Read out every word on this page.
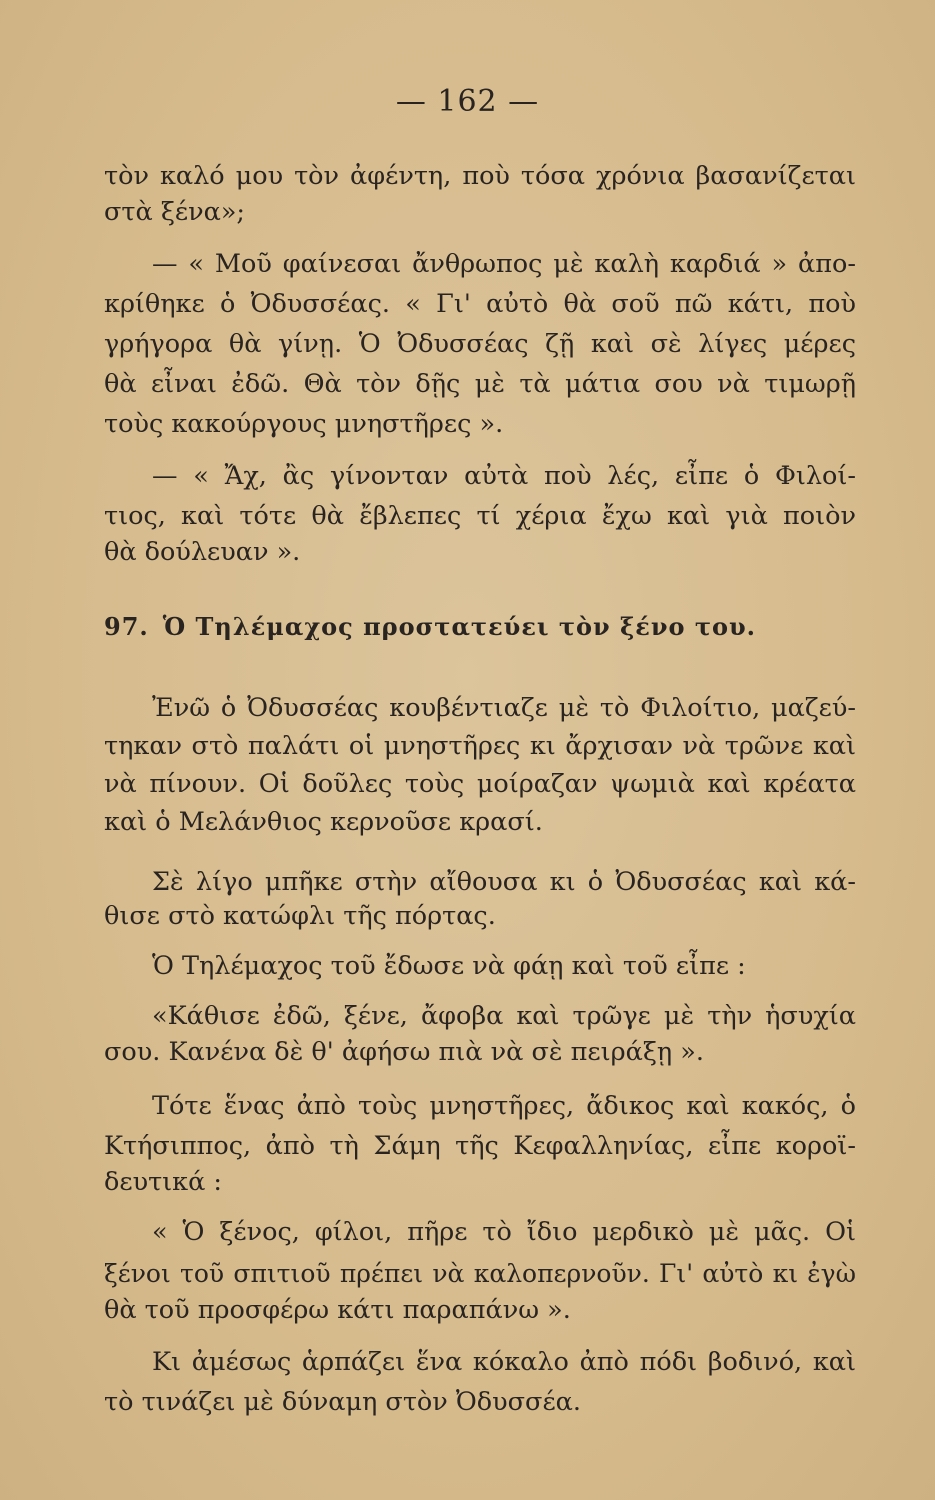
— 162 —
τὸν καλό μου τὸν ἀφέντη, ποὺ τόσα χρόνια βασανίζεται
στὰ ξένα»;
— « Μοῦ φαίνεσαι ἄνθρωπος μὲ καλὴ καρδιά » ἀπο-
κρίθηκε ὁ Ὀδυσσέας. « Γι' αὐτὸ θὰ σοῦ πῶ κάτι, ποὺ
γρήγορα θὰ γίνῃ. Ὁ Ὀδυσσέας ζῇ καὶ σὲ λίγες μέρες
θὰ εἶναι ἐδῶ. Θὰ τὸν δῇς μὲ τὰ μάτια σου νὰ τιμωρῇ
τοὺς κακούργους μνηστῆρες ».
— « Ἄχ, ἂς γίνονταν αὐτὰ ποὺ λές, εἶπε ὁ Φιλοί-
τιος, καὶ τότε θὰ ἔβλεπες τί χέρια ἔχω καὶ γιὰ ποιὸν
θὰ δούλευαν ».
97. Ὁ Τηλέμαχος προστατεύει τὸν ξένο του.
Ἐνῶ ὁ Ὀδυσσέας κουβέντιαζε μὲ τὸ Φιλοίτιο, μαζεύ-
τηκαν στὸ παλάτι οἱ μνηστῆρες κι ἄρχισαν νὰ τρῶνε καὶ
νὰ πίνουν. Οἱ δοῦλες τοὺς μοίραζαν ψωμιὰ καὶ κρέατα
καὶ ὁ Μελάνθιος κερνοῦσε κρασί.
Σὲ λίγο μπῆκε στὴν αἴθουσα κι ὁ Ὀδυσσέας καὶ κά-
θισε στὸ κατώφλι τῆς πόρτας.
Ὁ Τηλέμαχος τοῦ ἔδωσε νὰ φάῃ καὶ τοῦ εἶπε :
«Κάθισε ἐδῶ, ξένε, ἄφοβα καὶ τρῶγε μὲ τὴν ἡσυχία
σου. Κανένα δὲ θ' ἀφήσω πιὰ νὰ σὲ πειράξῃ ».
Τότε ἕνας ἀπὸ τοὺς μνηστῆρες, ἄδικος καὶ κακός, ὁ
Κτήσιππος, ἀπὸ τὴ Σάμη τῆς Κεφαλληνίας, εἶπε κοροϊ-
δευτικά :
« Ὁ ξένος, φίλοι, πῆρε τὸ ἴδιο μερδικὸ μὲ μᾶς. Οἱ
ξένοι τοῦ σπιτιοῦ πρέπει νὰ καλοπερνοῦν. Γι' αὐτὸ κι ἐγὼ
θὰ τοῦ προσφέρω κάτι παραπάνω ».
Κι ἀμέσως ἁρπάζει ἕνα κόκαλο ἀπὸ πόδι βοδινό, καὶ
τὸ τινάζει μὲ δύναμη στὸν Ὀδυσσέα.
